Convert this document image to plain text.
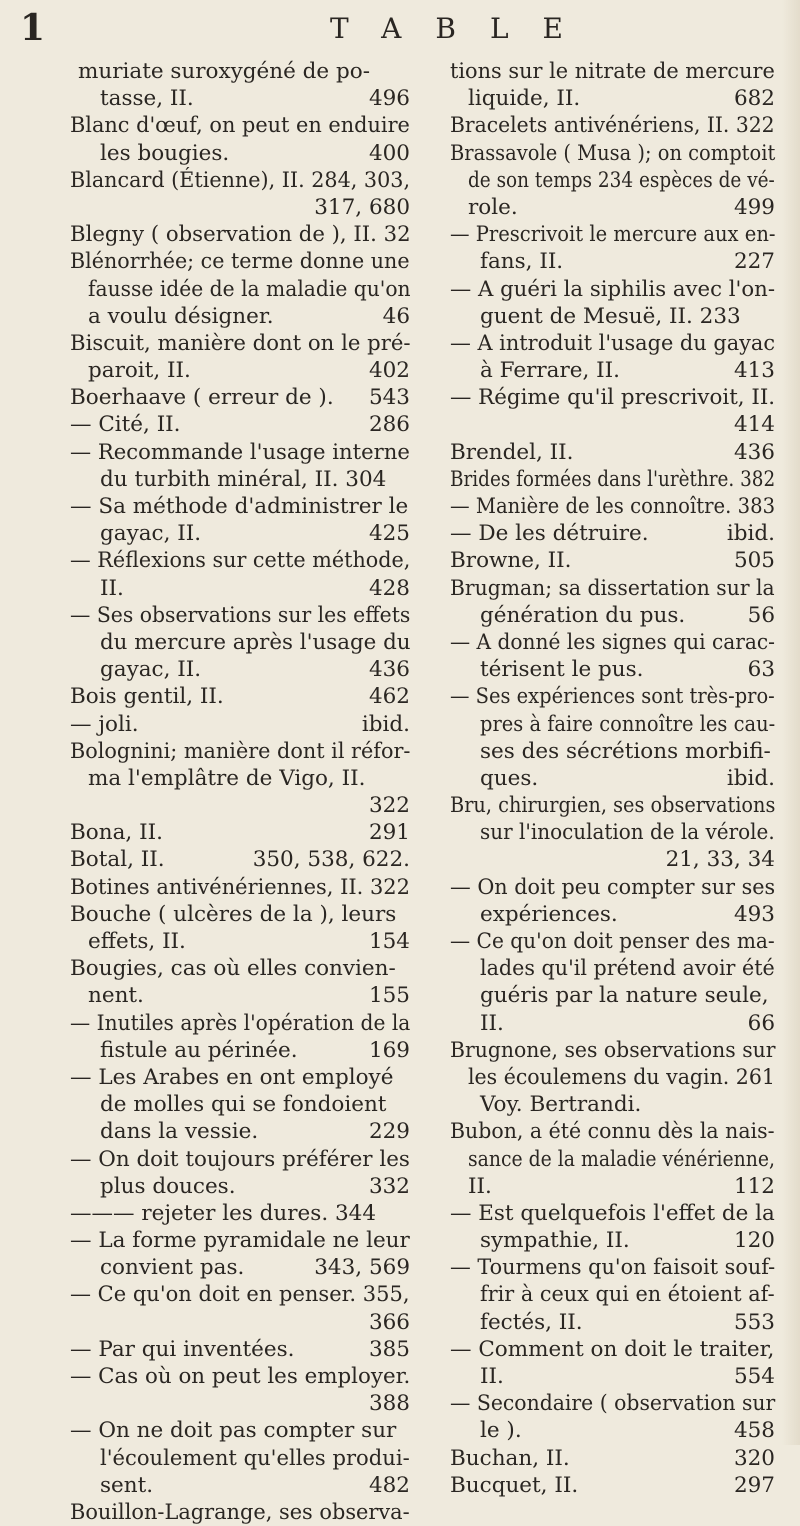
1	TABLE
muriate suroxygéné de po-
tasse, II.	496
Blanc d'œuf, on peut en enduire
les bougies.	400
Blancard (Étienne), II. 284, 303,
317, 680
Blegny ( observation de ), II. 32
Blénorrhée; ce terme donne une
fausse idée de la maladie qu'on
a voulu désigner.	46
Biscuit, manière dont on le pré-
paroit, II.	402
Boerhaave ( erreur de ). 543
— Cité, II.	286
— Recommande l'usage interne
du turbith minéral, II. 304
— Sa méthode d'administrer le
gayac, II.	425
— Réflexions sur cette méthode,
II.	428
— Ses observations sur les effets
du mercure après l'usage du
gayac, II.	436
Bois gentil, II.	462
— joli.	ibid.
Bolognini; manière dont il réfor-
ma l'emplâtre de Vigo, II.
322
Bona, II.	291
Botal, II.	350, 538, 622.
Botines antivénériennes, II. 322
Bouche ( ulcères de la ), leurs
effets, II.	154
Bougies, cas où elles convien-
nent.	155
— Inutiles après l'opération de la
fistule au périnée.	169
— Les Arabes en ont employé
de molles qui se fondoient
dans la vessie.	229
— On doit toujours préférer les
plus douces.	332
——— rejeter les dures. 344
— La forme pyramidale ne leur
convient pas.	343, 569
— Ce qu'on doit en penser. 355,
366
— Par qui inventées.	385
— Cas où on peut les employer.
388
— On ne doit pas compter sur
l'écoulement qu'elles produi-
sent.	482
Bouillon-Lagrange, ses observa-
tions sur le nitrate de mercure
liquide, II.	682
Bracelets antivénériens, II. 322
Brassavole ( Musa ); on comptoit
de son temps 234 espèces de vé-
role.	499
— Prescrivoit le mercure aux en-
fans, II.	227
— A guéri la siphilis avec l'on-
guent de Mesuë, II. 233
— A introduit l'usage du gayac
à Ferrare, II.	413
— Régime qu'il prescrivoit, II.
414
Brendel, II.	436
Brides formées dans l'urèthre. 382
— Manière de les connoître. 383
— De les détruire.	ibid.
Browne, II.	505
Brugman; sa dissertation sur la
génération du pus.	56
— A donné les signes qui carac-
térisent le pus.	63
— Ses expériences sont très-pro-
pres à faire connoître les cau-
ses des sécrétions morbifi-
ques.	ibid.
Bru, chirurgien, ses observations
sur l'inoculation de la vérole.
21, 33, 34
— On doit peu compter sur ses
expériences.	493
— Ce qu'on doit penser des ma-
lades qu'il prétend avoir été
guéris par la nature seule,
II.	66
Brugnone, ses observations sur
les écoulemens du vagin. 261
Voy. Bertrandi.
Bubon, a été connu dès la nais-
sance de la maladie vénérienne,
II.	112
— Est quelquefois l'effet de la
sympathie, II.	120
— Tourmens qu'on faisoit souf-
frir à ceux qui en étoient af-
fectés, II.	553
— Comment on doit le traiter,
II.	554
— Secondaire ( observation sur
le ).	458
Buchan, II.	320
Bucquet, II.	297
